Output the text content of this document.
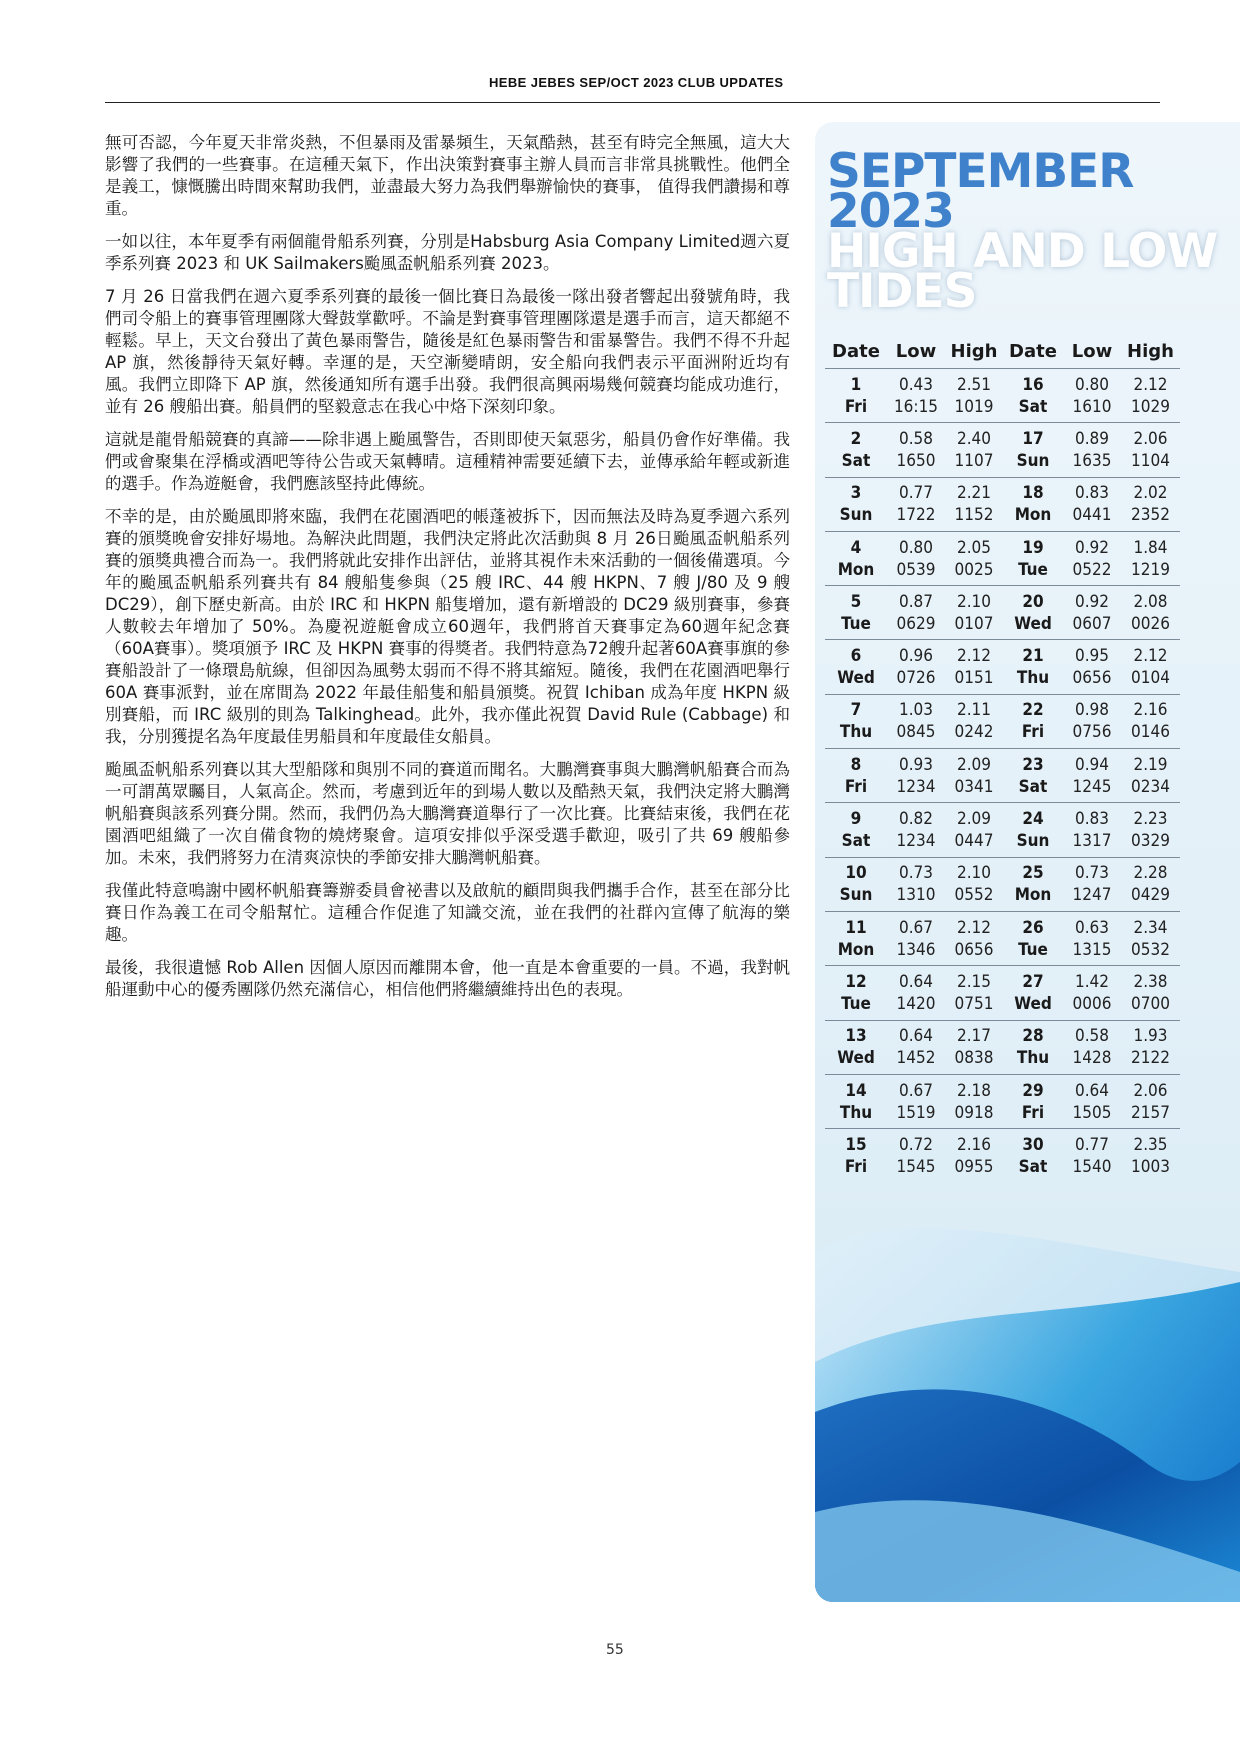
HEBE JEBES SEP/OCT 2023 CLUB UPDATES

無可否認，今年夏天非常炎熱，不但暴雨及雷暴頻生，天氣酷熱，甚至有時完全無風，這大大影響了我們的一些賽事。在這種天氣下，作出決策對賽事主辦人員而言非常具挑戰性。他們全是義工，慷慨騰出時間來幫助我們，並盡最大努力為我們舉辦愉快的賽事， 值得我們讚揚和尊重。

一如以往，本年夏季有兩個龍骨船系列賽，分別是Habsburg Asia Company Limited週六夏季系列賽 2023 和 UK Sailmakers颱風盃帆船系列賽 2023。

7 月 26 日當我們在週六夏季系列賽的最後一個比賽日為最後一隊出發者響起出發號角時，我們司令船上的賽事管理團隊大聲鼓掌歡呼。不論是對賽事管理團隊還是選手而言，這天都絕不輕鬆。早上，天文台發出了黃色暴雨警告，隨後是紅色暴雨警告和雷暴警告。我們不得不升起 AP 旗，然後靜待天氣好轉。幸運的是，天空漸變晴朗，安全船向我們表示平面洲附近均有風。我們立即降下 AP 旗，然後通知所有選手出發。我們很高興兩場幾何競賽均能成功進行，並有 26 艘船出賽。船員們的堅毅意志在我心中烙下深刻印象。

這就是龍骨船競賽的真諦——除非遇上颱風警告，否則即使天氣惡劣，船員仍會作好準備。我們或會聚集在浮橋或酒吧等待公告或天氣轉晴。這種精神需要延續下去，並傳承給年輕或新進的選手。作為遊艇會，我們應該堅持此傳統。

不幸的是，由於颱風即將來臨，我們在花園酒吧的帳蓬被拆下，因而無法及時為夏季週六系列賽的頒獎晚會安排好場地。為解決此問題，我們決定將此次活動與 8 月 26日颱風盃帆船系列賽的頒獎典禮合而為一。我們將就此安排作出評估，並將其視作未來活動的一個後備選項。今年的颱風盃帆船系列賽共有 84 艘船隻參與（25 艘 IRC、44 艘 HKPN、7 艘 J/80 及 9 艘 DC29），創下歷史新高。由於 IRC 和 HKPN 船隻增加，還有新增設的 DC29 級別賽事，參賽人數較去年增加了 50%。為慶祝遊艇會成立60週年，我們將首天賽事定為60週年紀念賽（60A賽事）。獎項頒予 IRC 及 HKPN 賽事的得獎者。我們特意為72艘升起著60A賽事旗的參賽船設計了一條環島航線，但卻因為風勢太弱而不得不將其縮短。隨後，我們在花園酒吧舉行 60A 賽事派對，並在席間為 2022 年最佳船隻和船員頒獎。祝賀 Ichiban 成為年度 HKPN 級別賽船，而 IRC 級別的則為 Talkinghead。此外，我亦僅此祝賀 David Rule (Cabbage) 和我，分別獲提名為年度最佳男船員和年度最佳女船員。

颱風盃帆船系列賽以其大型船隊和與別不同的賽道而聞名。大鵬灣賽事與大鵬灣帆船賽合而為一可謂萬眾矚目，人氣高企。然而，考慮到近年的到場人數以及酷熱天氣，我們決定將大鵬灣帆船賽與該系列賽分開。然而，我們仍為大鵬灣賽道舉行了一次比賽。比賽結束後，我們在花園酒吧組織了一次自備食物的燒烤聚會。這項安排似乎深受選手歡迎，吸引了共 69 艘船參加。未來，我們將努力在清爽涼快的季節安排大鵬灣帆船賽。

我僅此特意鳴謝中國杯帆船賽籌辦委員會祕書以及啟航的顧問與我們攜手合作，甚至在部分比賽日作為義工在司令船幫忙。這種合作促進了知識交流，並在我們的社群內宣傳了航海的樂趣。

最後，我很遺憾 Rob Allen 因個人原因而離開本會，他一直是本會重要的一員。不過，我對帆船運動中心的優秀團隊仍然充滿信心，相信他們將繼續維持出色的表現。

SEPTEMBER
2023
HIGH AND LOW
TIDES
Date Low High Date Low High
1
Fri
0.43
16:15
2.51
1019
16
Sat
0.80
1610
2.12
1029
2
Sat
0.58
1650
2.40
1107
17
Sun
0.89
1635
2.06
1104
3
Sun
0.77
1722
2.21
1152
18
Mon
0.83
0441
2.02
2352
4
Mon
0.80
0539
2.05
0025
19
Tue
0.92
0522
1.84
1219
5
Tue
0.87
0629
2.10
0107
20
Wed
0.92
0607
2.08
0026
6
Wed
0.96
0726
2.12
0151
21
Thu
0.95
0656
2.12
0104
7
Thu
1.03
0845
2.11
0242
22
Fri
0.98
0756
2.16
0146
8
Fri
0.93
1234
2.09
0341
23
Sat
0.94
1245
2.19
0234
9
Sat
0.82
1234
2.09
0447
24
Sun
0.83
1317
2.23
0329
10
Sun
0.73
1310
2.10
0552
25
Mon
0.73
1247
2.28
0429
11
Mon
0.67
1346
2.12
0656
26
Tue
0.63
1315
2.34
0532
12
Tue
0.64
1420
2.15
0751
27
Wed
1.42
0006
2.38
0700
13
Wed
0.64
1452
2.17
0838
28
Thu
0.58
1428
1.93
2122
14
Thu
0.67
1519
2.18
0918
29
Fri
0.64
1505
2.06
2157
15
Fri
0.72
1545
2.16
0955
30
Sat
0.77
1540
2.35
1003
55
